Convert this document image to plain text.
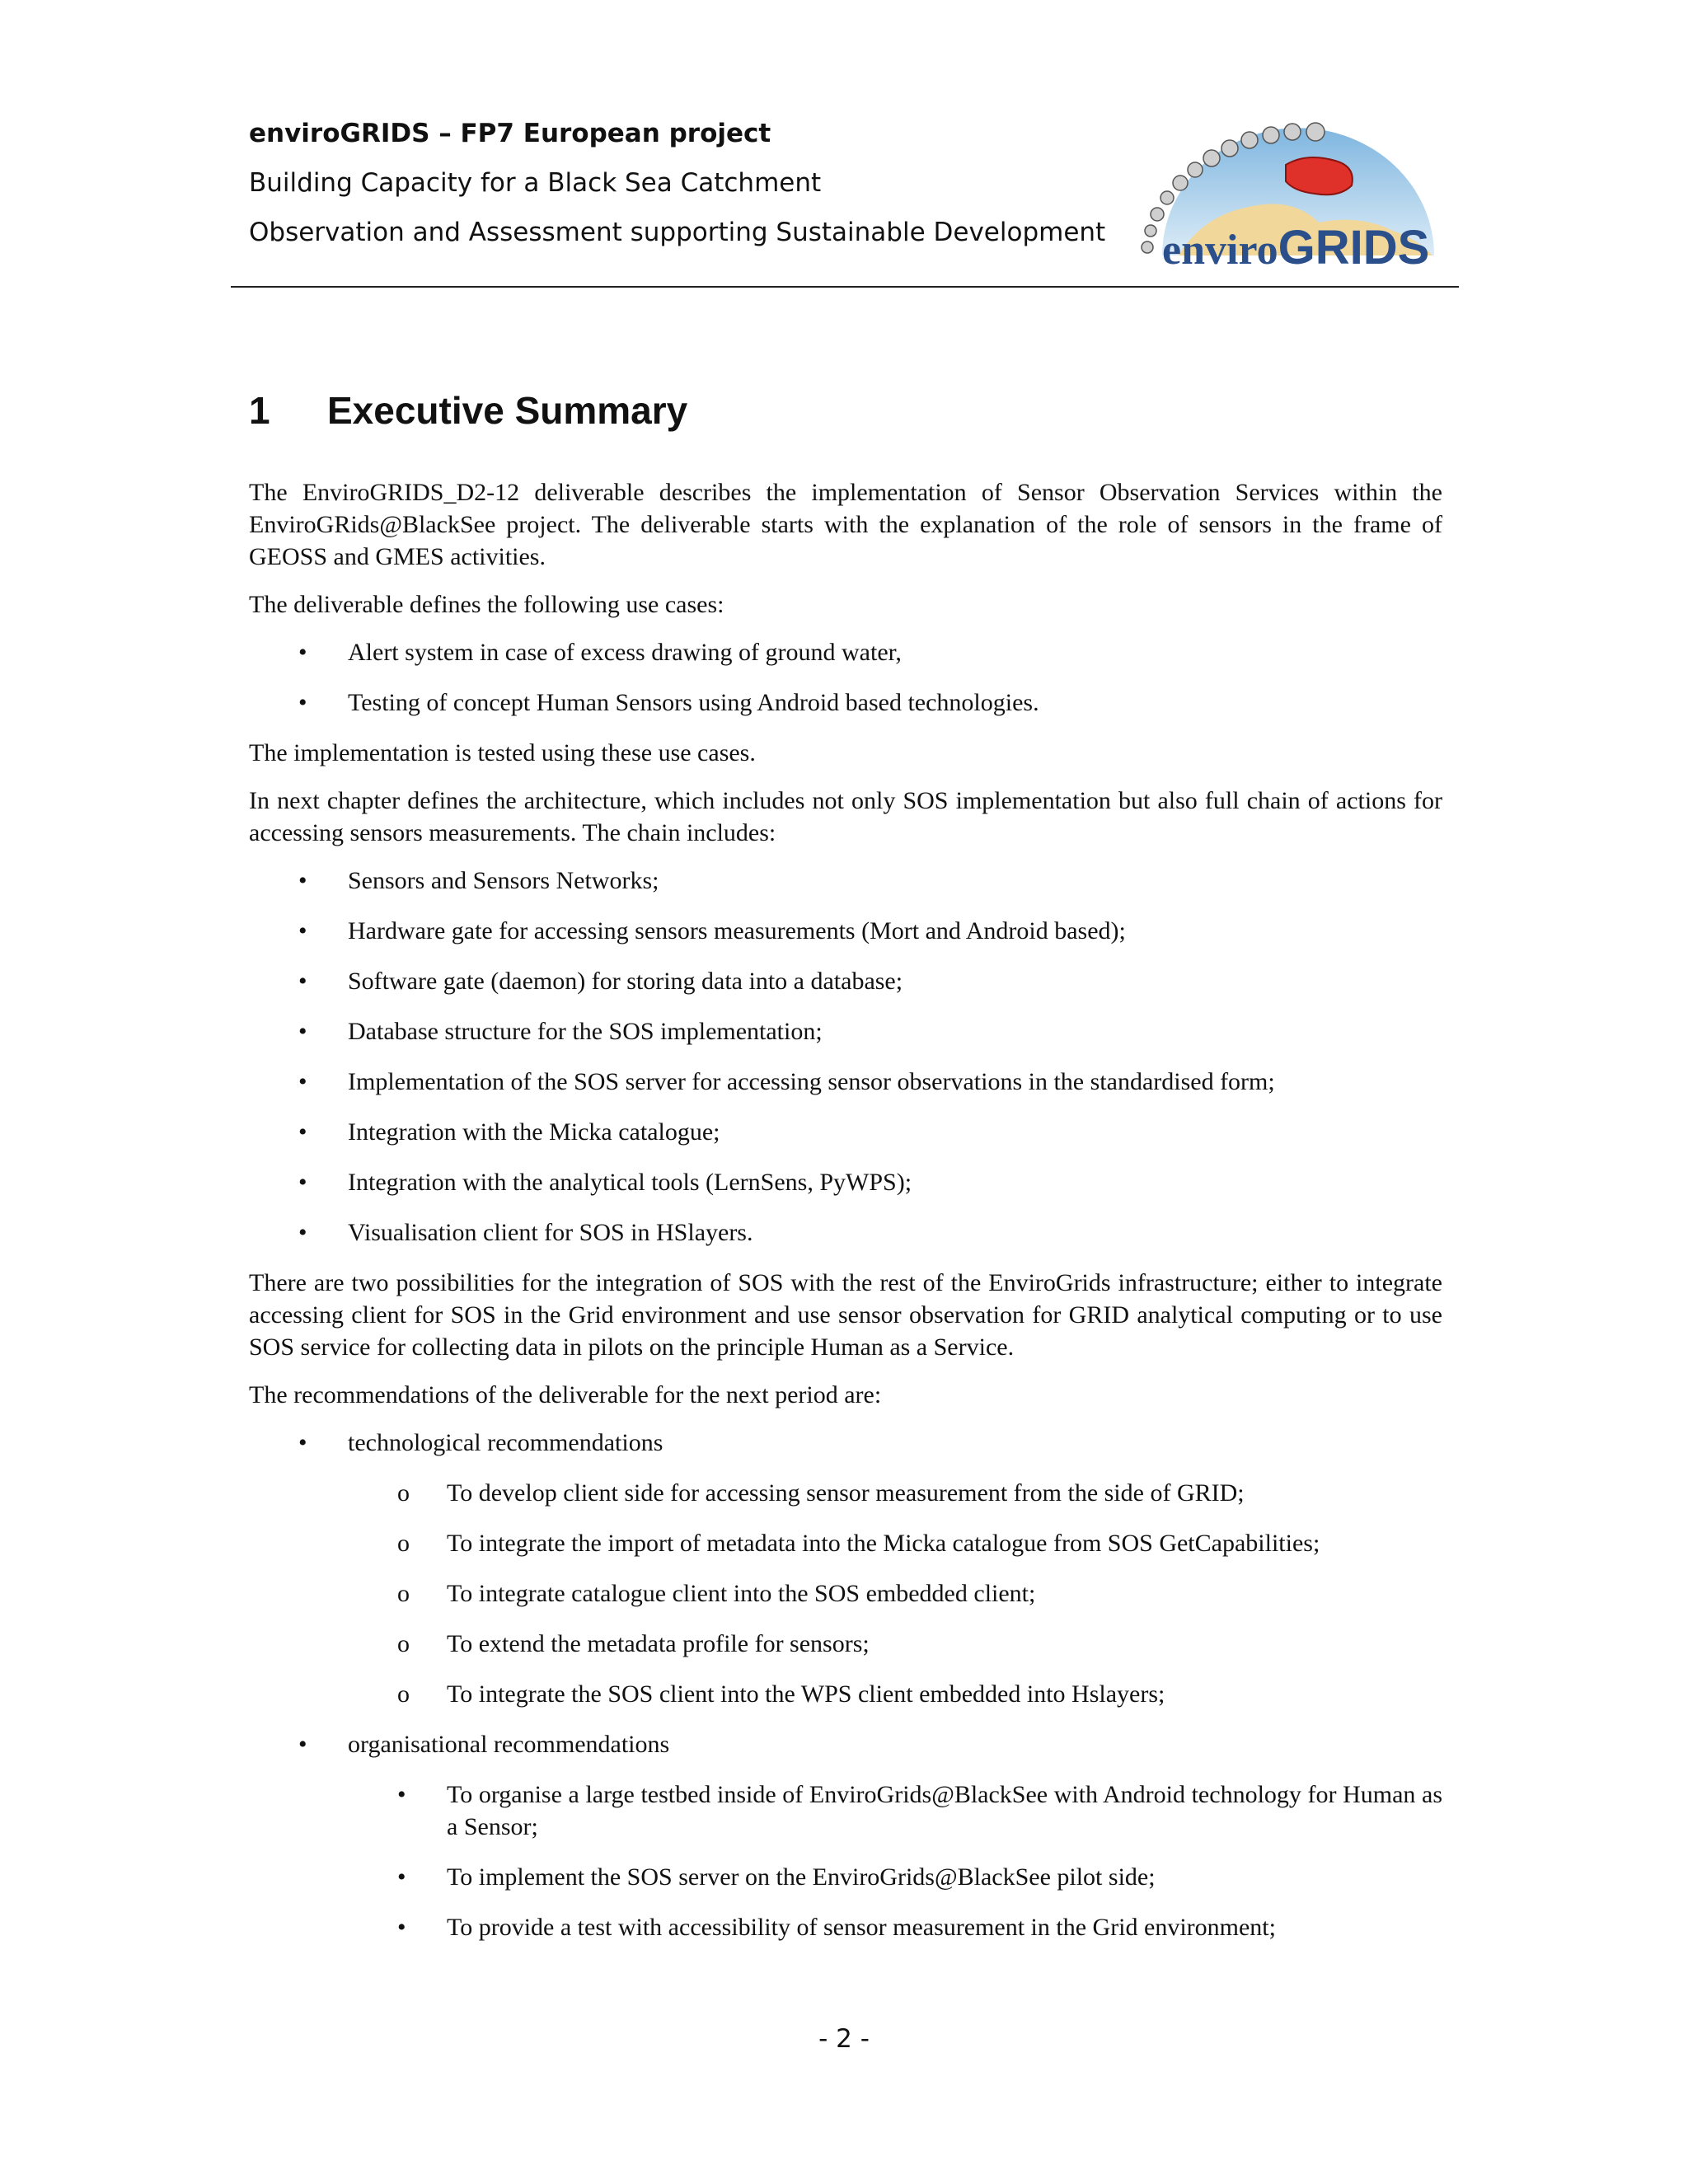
enviroGRIDS – FP7 European project
Building Capacity for a Black Sea Catchment
Observation and Assessment supporting Sustainable Development enviroGRIDS
1 Executive Summary

The EnviroGRIDS_D2-12 deliverable describes the implementation of Sensor Observation Services within the EnviroGRids@BlackSee project. The deliverable starts with the explanation of the role of sensors in the frame of GEOSS and GMES activities.

The deliverable defines the following use cases:

• Alert system in case of excess drawing of ground water,
• Testing of concept Human Sensors using Android based technologies.

The implementation is tested using these use cases.

In next chapter defines the architecture, which includes not only SOS implementation but also full chain of actions for accessing sensors measurements. The chain includes:

• Sensors and Sensors Networks;
• Hardware gate for accessing sensors measurements (Mort and Android based);
• Software gate (daemon) for storing data into a database;
• Database structure for the SOS implementation;
• Implementation of the SOS server for accessing sensor observations in the standardised form;
• Integration with the Micka catalogue;
• Integration with the analytical tools (LernSens, PyWPS);
• Visualisation client for SOS in HSlayers.

There are two possibilities for the integration of SOS with the rest of the EnviroGrids infrastructure; either to integrate accessing client for SOS in the Grid environment and use sensor observation for GRID analytical computing or to use SOS service for collecting data in pilots on the principle Human as a Service.

The recommendations of the deliverable for the next period are:

• technological recommendations
o To develop client side for accessing sensor measurement from the side of GRID;
o To integrate the import of metadata into the Micka catalogue from SOS GetCapabilities;
o To integrate catalogue client into the SOS embedded client;
o To extend the metadata profile for sensors;
o To integrate the SOS client into the WPS client embedded into Hslayers;
• organisational recommendations
• To organise a large testbed inside of EnviroGrids@BlackSee with Android technology for Human as a Sensor;
• To implement the SOS server on the EnviroGrids@BlackSee pilot side;
• To provide a test with accessibility of sensor measurement in the Grid environment;
- 2 -
